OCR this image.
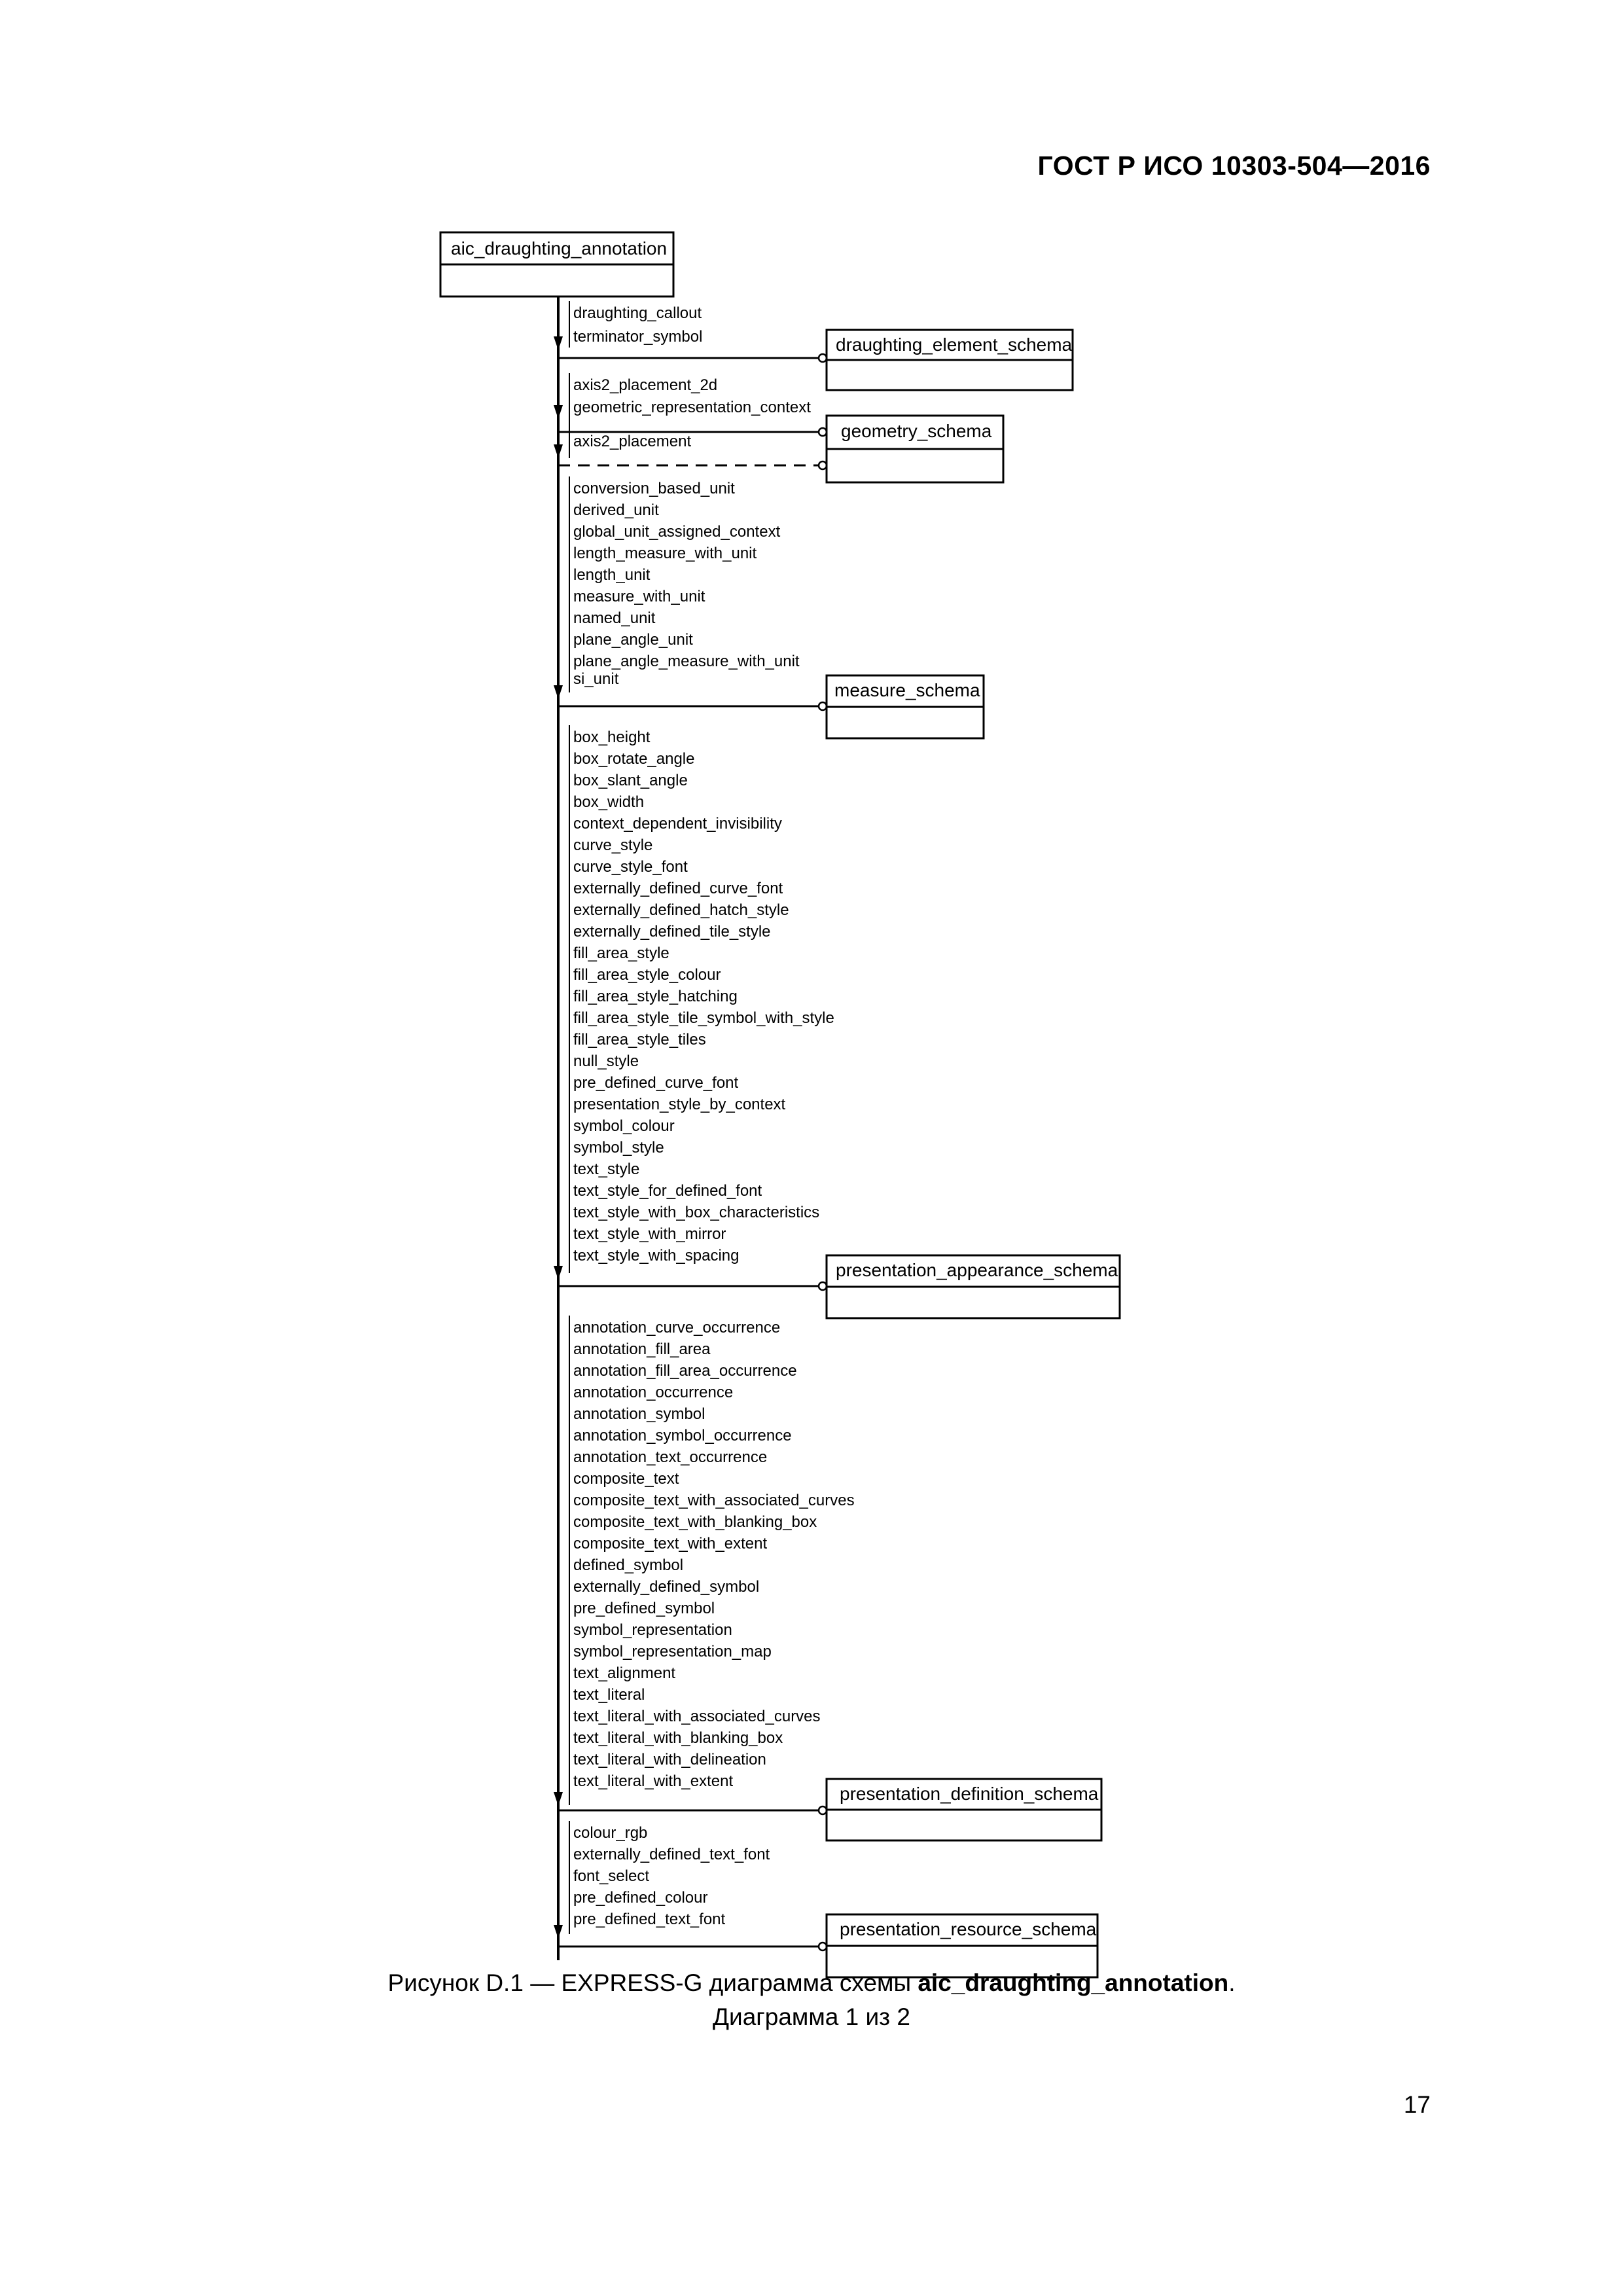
ГОСТ Р ИСО 10303-504—2016
aic_draughting_annotation
draughting_callout
terminator_symbol	draughting_element_schema
axis2_placement_2d
geometric_representation_context
axis2_placement
geometry_schema
conversion_based_unit
derived_unit
global_unit_assigned_context
length_measure_with_unit
length_unit
measure_with_unit
named_unit
plane_angle_unit
plane_angle_measure_with_unit
si_unit
measure_schema
box_height
box_rotate_angle
box_slant_angle
box_width
context_dependent_invisibility
curve_style
curve_style_font
externally_defined_curve_font
externally_defined_hatch_style
externally_defined_tile_style
fill_area_style
fill_area_style_colour
fill_area_style_hatching
fill_area_style_tile_symbol_with_style
fill_area_style_tiles
null_style
pre_defined_curve_font
presentation_style_by_context
symbol_colour
symbol_style
text_style
text_style_for_defined_font
text_style_with_box_characteristics
text_style_with_mirror
text_style_with_spacing
presentation_appearance_schema
annotation_curve_occurrence
annotation_fill_area
annotation_fill_area_occurrence
annotation_occurrence
annotation_symbol
annotation_symbol_occurrence
annotation_text_occurrence
composite_text
composite_text_with_associated_curves
composite_text_with_blanking_box
composite_text_with_extent
defined_symbol
externally_defined_symbol
pre_defined_symbol
symbol_representation
symbol_representation_map
text_alignment
text_literal
text_literal_with_associated_curves
text_literal_with_blanking_box
text_literal_with_delineation
text_literal_with_extent
presentation_definition_schema
colour_rgb
externally_defined_text_font
font_select
pre_defined_colour
pre_defined_text_font	presentation_resource_schema
Рисунок D.1 — EXPRESS-G диаграмма схемы aic_draughting_annotation.
Диаграмма 1 из 2
17
